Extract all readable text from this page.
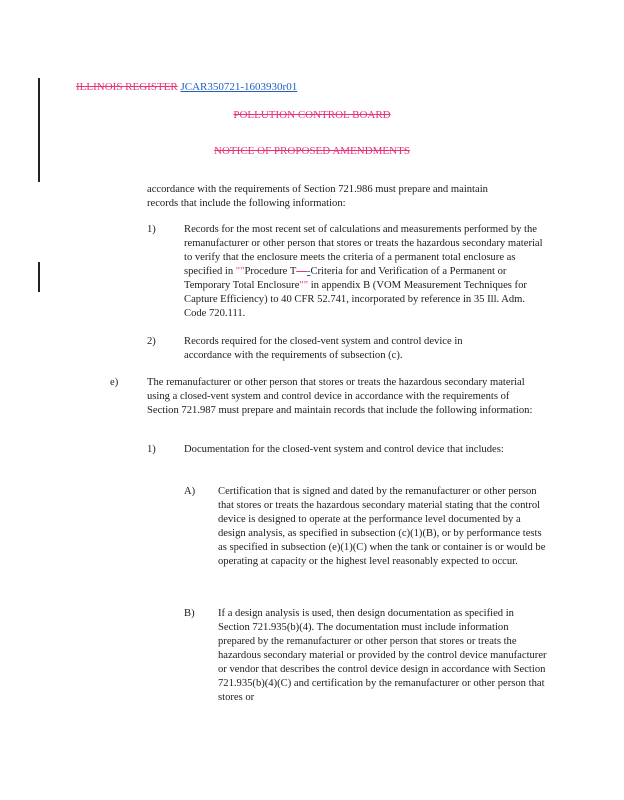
ILLINOIS REGISTER JCAR350721-1603930r01
POLLUTION CONTROL BOARD
NOTICE OF PROPOSED AMENDMENTS

accordance with the requirements of Section 721.986 must prepare and maintain records that include the following information:

1)	Records for the most recent set of calculations and measurements performed by the remanufacturer or other person that stores or treats the hazardous secondary material to verify that the enclosure meets the criteria of a permanent total enclosure as specified in ""Procedure T—-Criteria for and Verification of a Permanent or Temporary Total Enclosure"" in appendix B (VOM Measurement Techniques for Capture Efficiency) to 40 CFR 52.741, incorporated by reference in 35 Ill. Adm. Code 720.111.

2)	Records required for the closed-vent system and control device in accordance with the requirements of subsection (c).

e)	The remanufacturer or other person that stores or treats the hazardous secondary material using a closed-vent system and control device in accordance with the requirements of Section 721.987 must prepare and maintain records that include the following information:

1)	Documentation for the closed-vent system and control device that includes:

A) Certification that is signed and dated by the remanufacturer or other person that stores or treats the hazardous secondary material stating that the control device is designed to operate at the performance level documented by a design analysis, as specified in subsection (c)(1)(B), or by performance tests as specified in subsection (e)(1)(C) when the tank or container is or would be operating at capacity or the highest level reasonably expected to occur.

B) If a design analysis is used, then design documentation as specified in Section 721.935(b)(4). The documentation must include information prepared by the remanufacturer or other person that stores or treats the hazardous secondary material or provided by the control device manufacturer or vendor that describes the control device design in accordance with Section 721.935(b)(4)(C) and certification by the remanufacturer or other person that stores or
